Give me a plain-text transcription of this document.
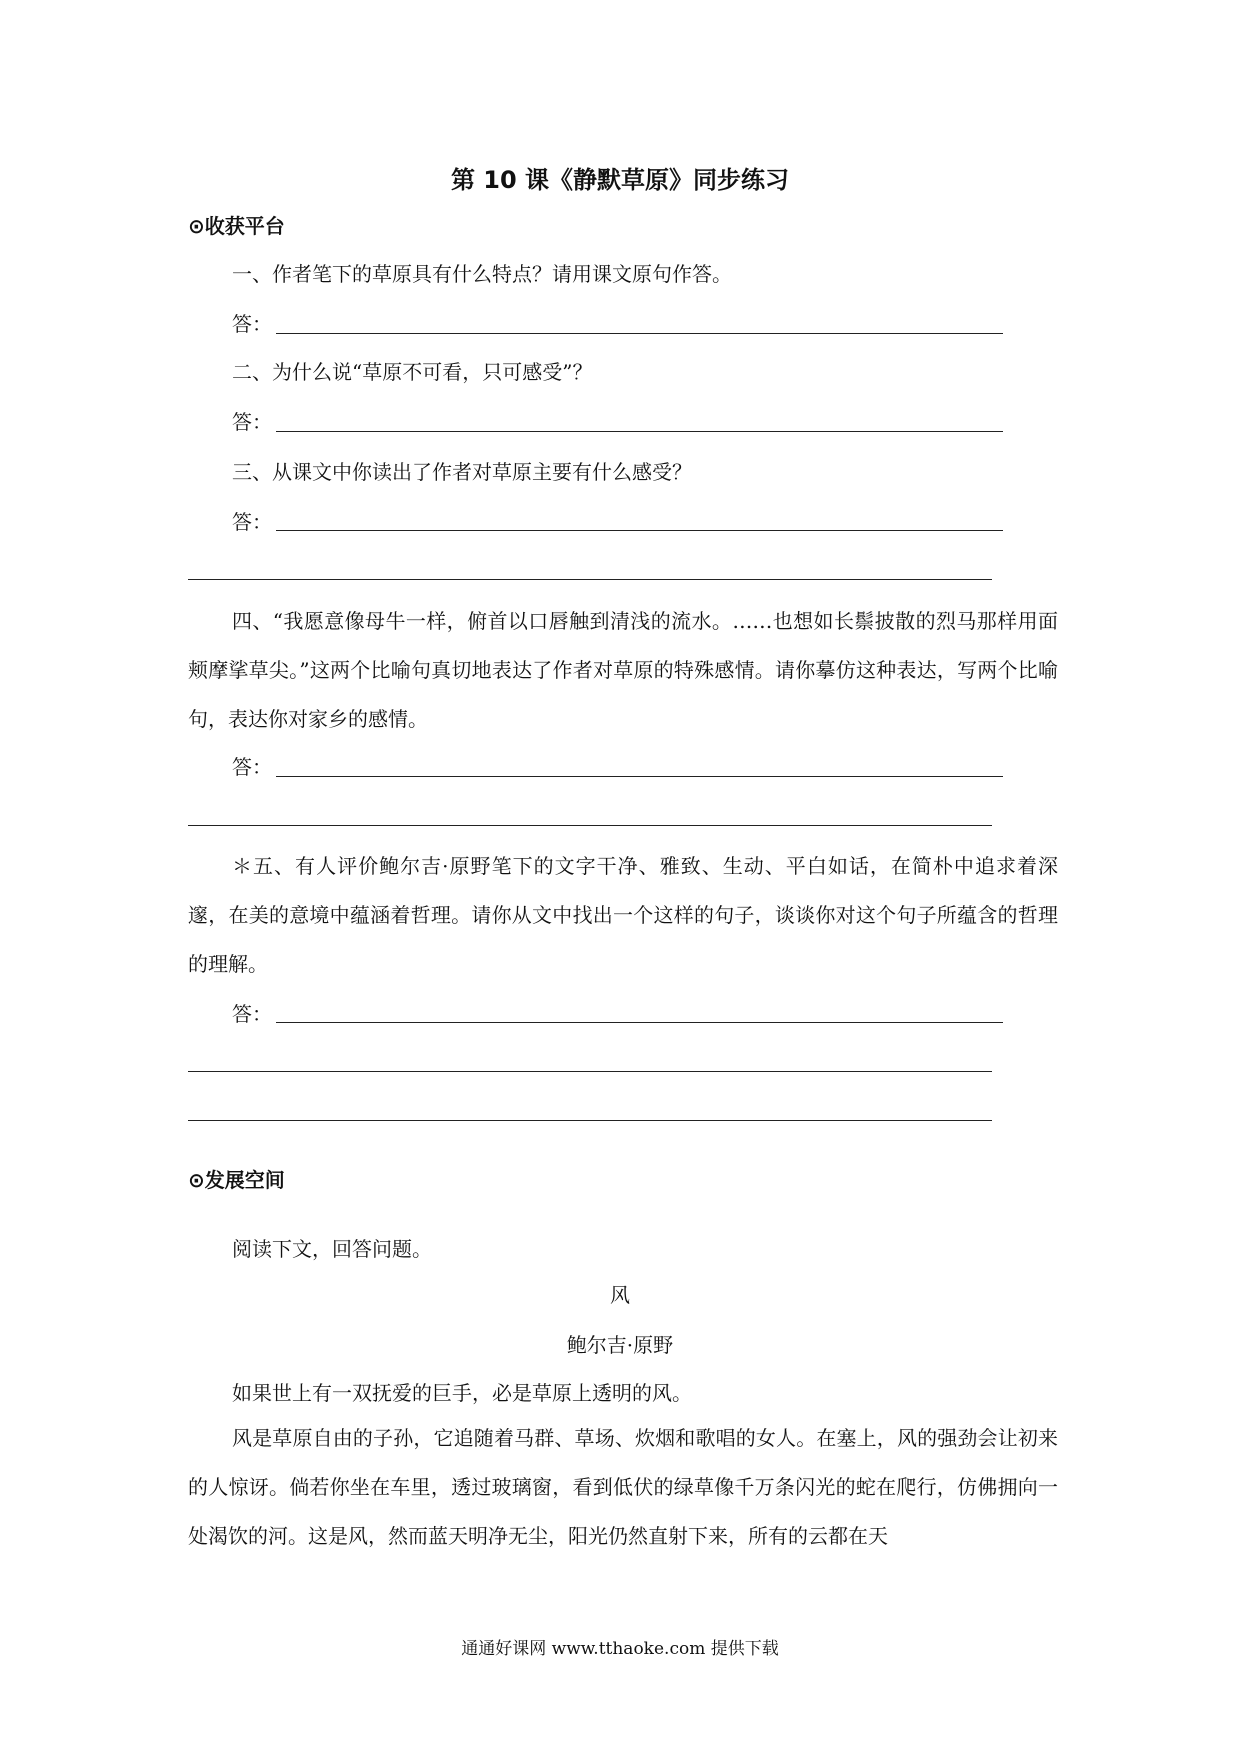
第 10 课《静默草原》同步练习
⊙收获平台
一、作者笔下的草原具有什么特点？请用课文原句作答。
答：
二、为什么说“草原不可看，只可感受”？
答：
三、从课文中你读出了作者对草原主要有什么感受？
答：
四、“我愿意像母牛一样，俯首以口唇触到清浅的流水。……也想如长鬃披散的烈马那样用面颊摩挲草尖。”这两个比喻句真切地表达了作者对草原的特殊感情。请你摹仿这种表达，写两个比喻句，表达你对家乡的感情。
答：
＊五、有人评价鲍尔吉·原野笔下的文字干净、雅致、生动、平白如话，在简朴中追求着深邃，在美的意境中蕴涵着哲理。请你从文中找出一个这样的句子，谈谈你对这个句子所蕴含的哲理的理解。
答：
⊙发展空间
阅读下文，回答问题。
风
鲍尔吉·原野
如果世上有一双抚爱的巨手，必是草原上透明的风。
风是草原自由的子孙，它追随着马群、草场、炊烟和歌唱的女人。在塞上，风的强劲会让初来的人惊讶。倘若你坐在车里，透过玻璃窗，看到低伏的绿草像千万条闪光的蛇在爬行，仿佛拥向一处渴饮的河。这是风，然而蓝天明净无尘，阳光仍然直射下来，所有的云都在天
通通好课网 www.tthaoke.com 提供下载
